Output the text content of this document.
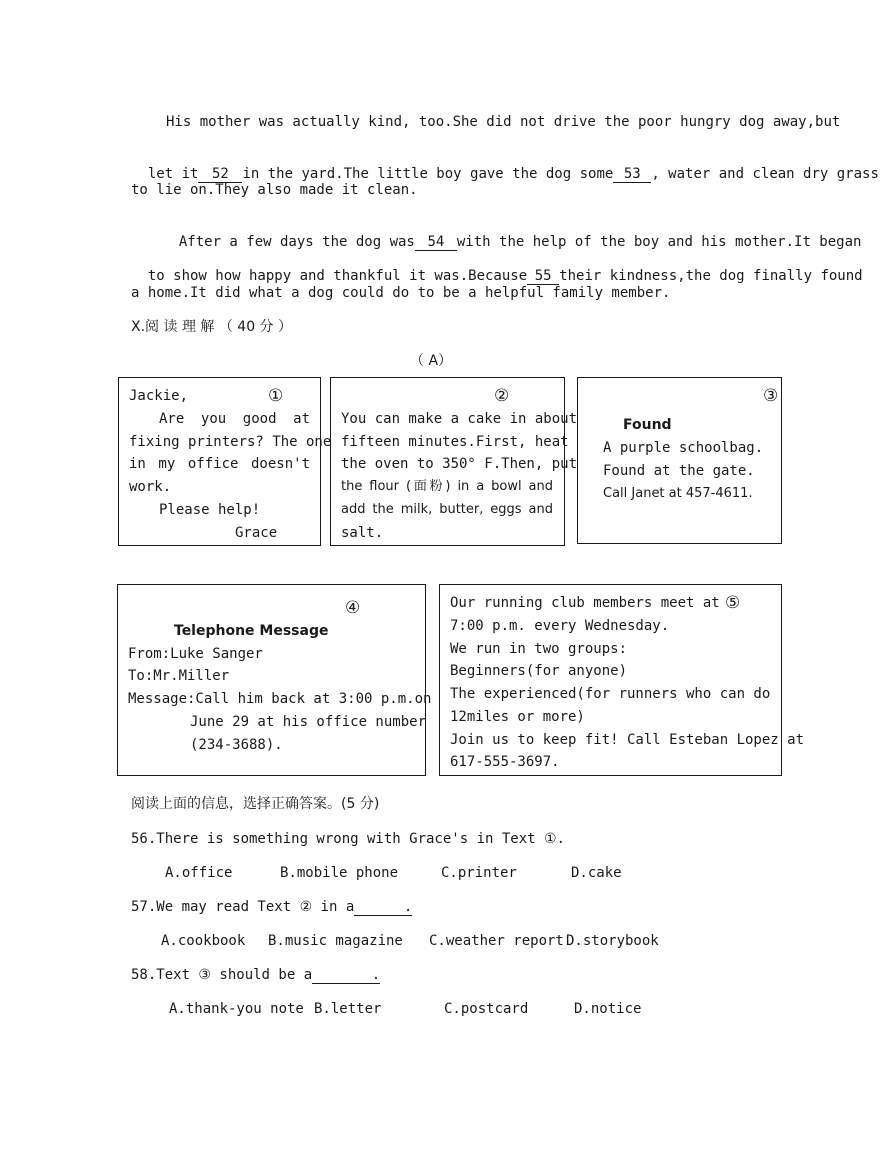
His mother was actually kind, too.She did not drive the poor hungry dog away,but

let it 52 in the yard.The little boy gave the dog some 53 , water and clean dry grass

to lie on.They also made it clean.

After a few days the dog was 54 with the help of the boy and his mother.It began

to show how happy and thankful it was.Because 55 their kindness,the dog finally found

a home.It did what a dog could do to be a helpful family member.
X.阅 读 理 解 （ 40 分 ）
（ A）
Jackie,	①
Are you good at
fixing printers? The one
in my office doesn't
work.
Please help!
Grace
②
You can make a cake in about
fifteen minutes.First, heat
the oven to 350° F.Then, put
the flour (面粉) in a bowl and
add the milk, butter, eggs and
salt.
③
Found
A purple schoolbag.
Found at the gate.
Call Janet at 457-4611.
④
Telephone Message
From:Luke Sanger
To:Mr.Miller
Message:Call him back at 3:00 p.m.on
June 29 at his office number
(234-3688).
Our running club members meet at ⑤
7:00 p.m. every Wednesday.
We run in two groups:
Beginners(for anyone)
The experienced(for runners who can do
12miles or more)
Join us to keep fit! Call Esteban Lopez at
617-555-3697.
阅读上面的信息，选择正确答案。(5 分)
56.There is something wrong with Grace's in Text ①.
A.office	B.mobile phone	C.printer	D.cake
57.We may read Text ② in a	.
A.cookbook B.music magazine C.weather report D.storybook
58.Text ③ should be a	.
A.thank-you note B.letter	C.postcard	D.notice
